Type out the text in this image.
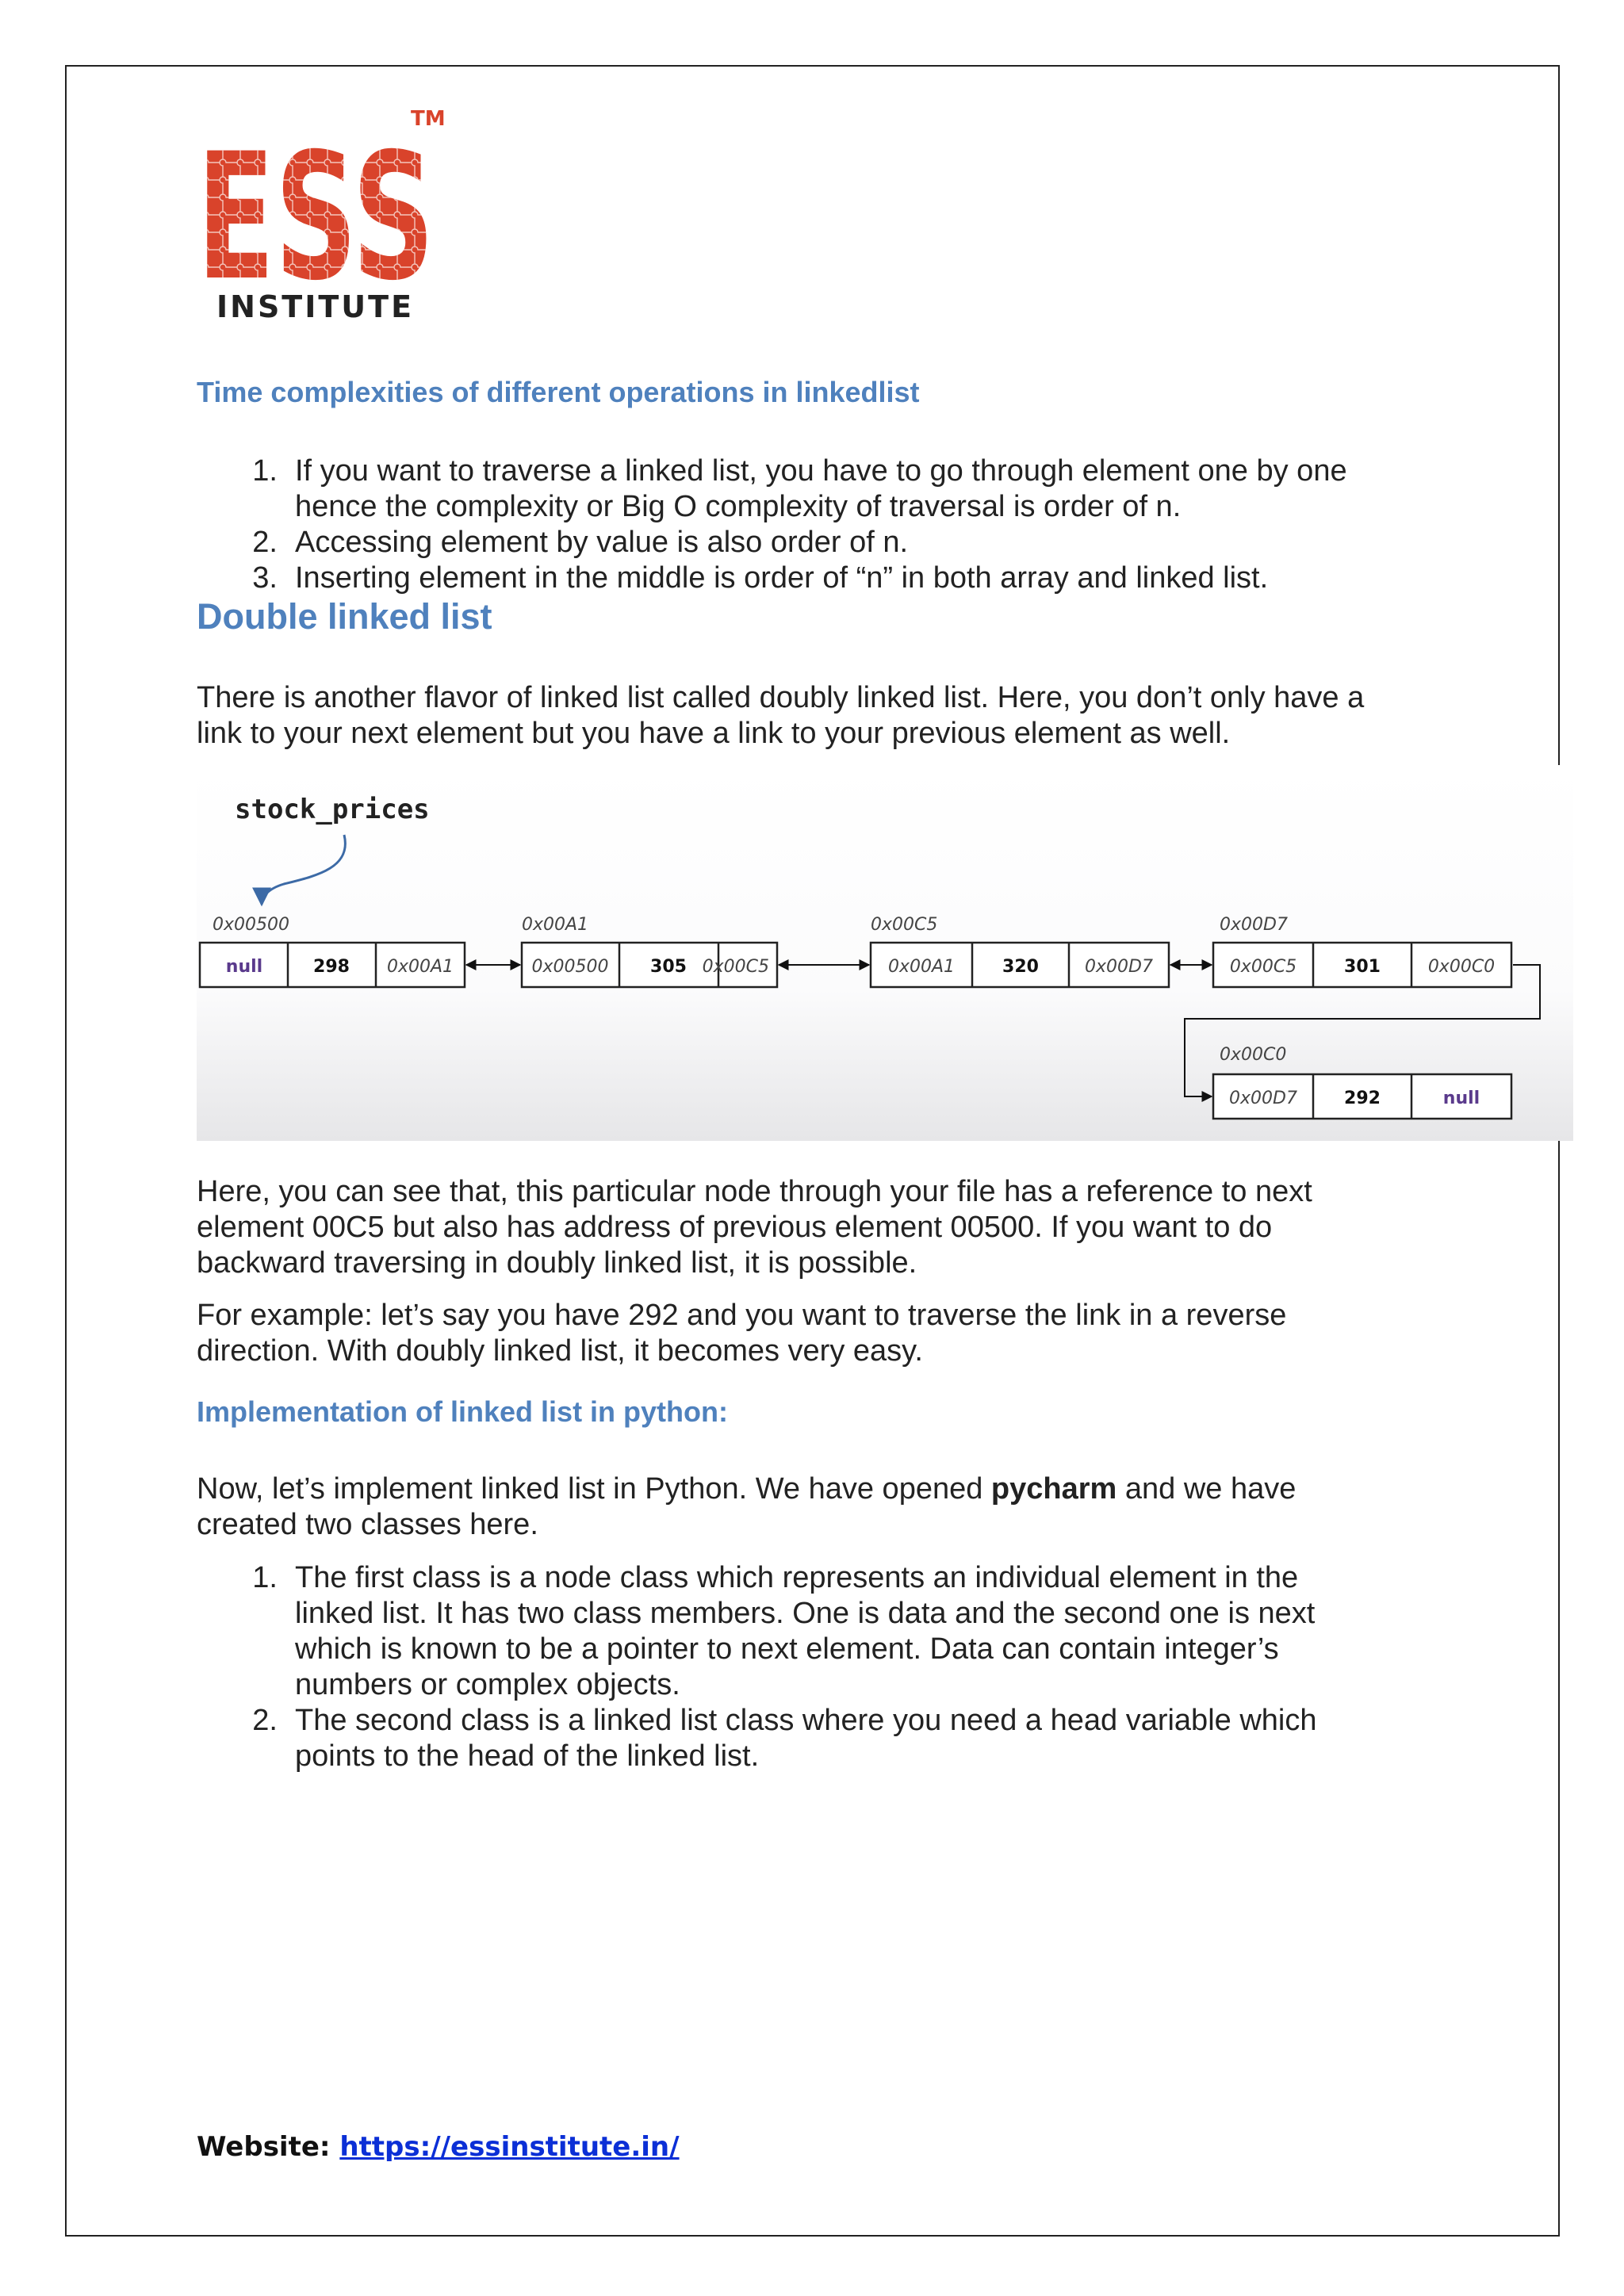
ESS
ESS
TM
INSTITUTE
Time complexities of different operations in linkedlist
1. If you want to traverse a linked list, you have to go through element one by one
hence the complexity or Big O complexity of traversal is order of n.
2. Accessing element by value is also order of n.
3. Inserting element in the middle is order of “n” in both array and linked list.
Double linked list
There is another flavor of linked list called doubly linked list. Here, you don’t only have a
link to your next element but you have a link to your previous element as well.
stock_prices
0x00500
null	298 0x00A1
0x00A1
0x00500 305 0x00C5
0x00C5
0x00A1	320	0x00D7
0x00D7
0x00C5	301	0x00C0
0x00C0
0x00D7	292	null
Here, you can see that, this particular node through your file has a reference to next
element 00C5 but also has address of previous element 00500. If you want to do
backward traversing in doubly linked list, it is possible.
For example: let’s say you have 292 and you want to traverse the link in a reverse
direction. With doubly linked list, it becomes very easy.
Implementation of linked list in python:
Now, let’s implement linked list in Python. We have opened pycharm and we have
created two classes here.
1. The first class is a node class which represents an individual element in the
linked list. It has two class members. One is data and the second one is next
which is known to be a pointer to next element. Data can contain integer’s
numbers or complex objects.
2. The second class is a linked list class where you need a head variable which
points to the head of the linked list.
Website: https://essinstitute.in/
